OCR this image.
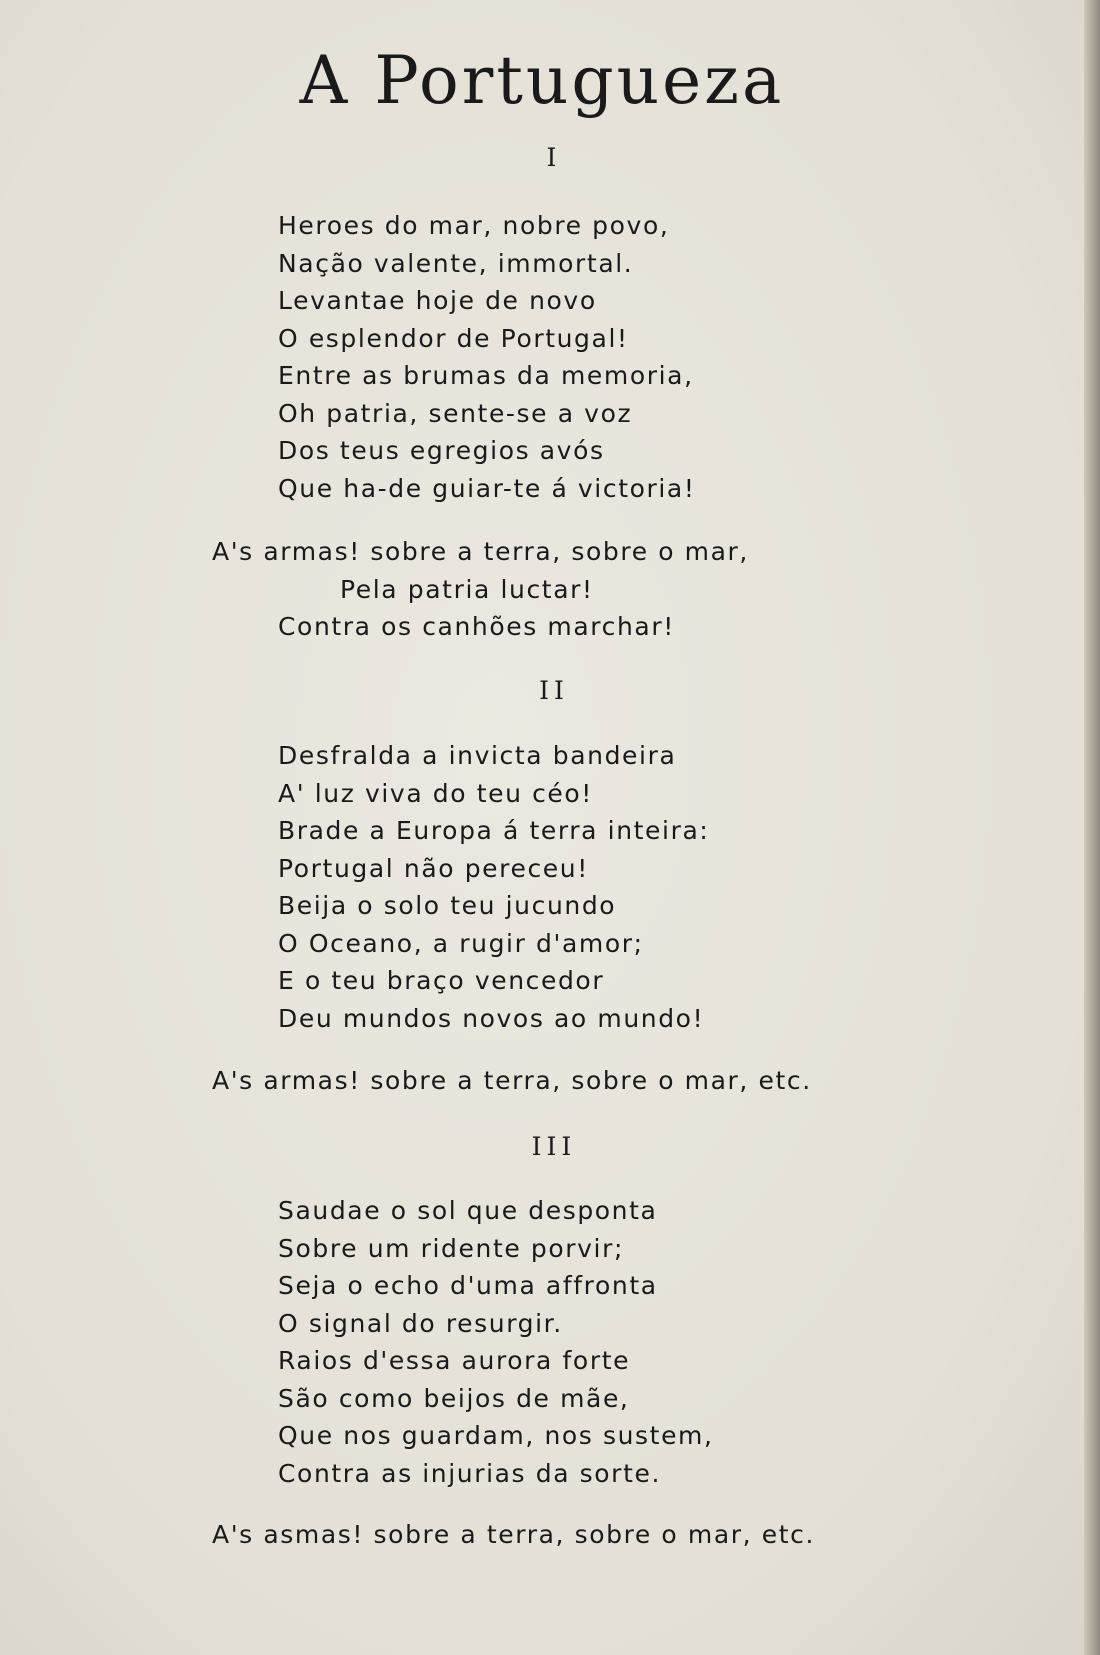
A Portugueza
I
Heroes do mar, nobre povo,
Nação valente, immortal.
Levantae hoje de novo
O esplendor de Portugal!
Entre as brumas da memoria,
Oh patria, sente-se a voz
Dos teus egregios avós
Que ha-de guiar-te á victoria!
A's armas! sobre a terra, sobre o mar,
Pela patria luctar!
Contra os canhões marchar!
II
Desfralda a invicta bandeira
A' luz viva do teu céo!
Brade a Europa á terra inteira:
Portugal não pereceu!
Beija o solo teu jucundo
O Oceano, a rugir d'amor;
E o teu braço vencedor
Deu mundos novos ao mundo!
A's armas! sobre a terra, sobre o mar, etc.
III
Saudae o sol que desponta
Sobre um ridente porvir;
Seja o echo d'uma affronta
O signal do resurgir.
Raios d'essa aurora forte
São como beijos de mãe,
Que nos guardam, nos sustem,
Contra as injurias da sorte.
A's asmas! sobre a terra, sobre o mar, etc.
